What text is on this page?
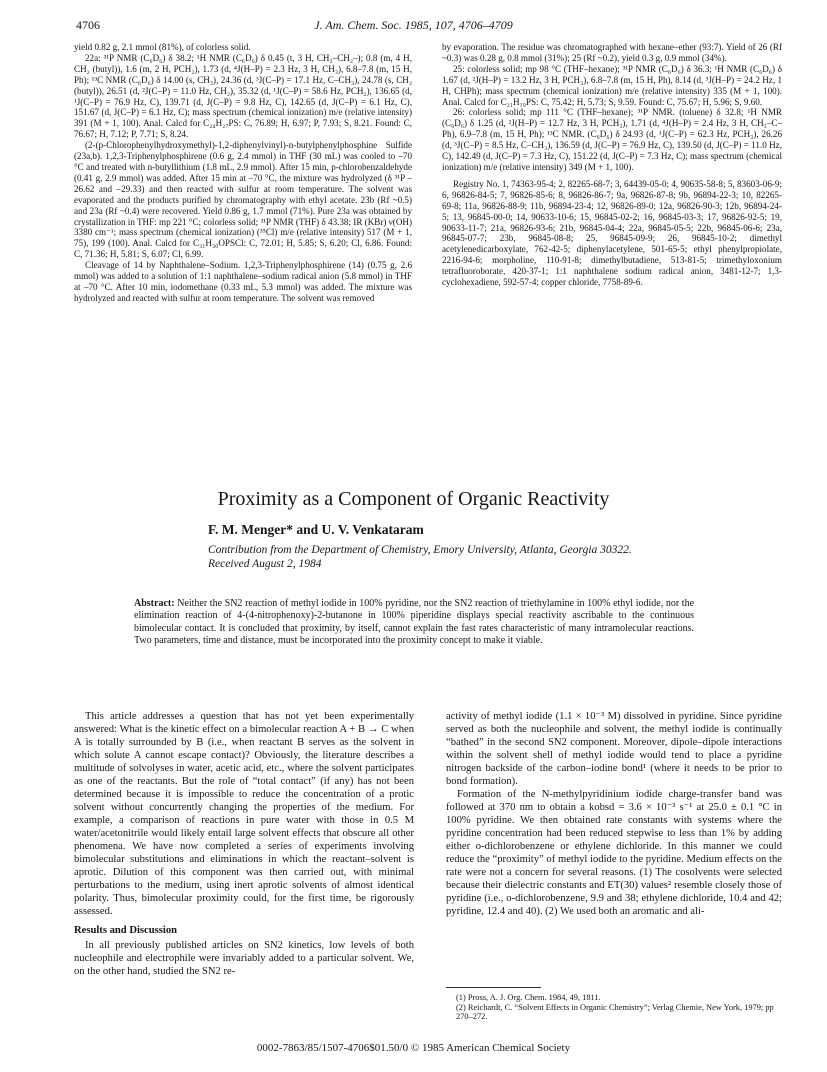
4706	J. Am. Chem. Soc. 1985, 107, 4706–4709

yield 0.82 g, 2.1 mmol (81%), of colorless solid.

22a: ³¹P NMR (C₆D₆) δ 38.2; ¹H NMR (C₆D₆) δ 0.45 (t, 3 H, CH₃–CH₂–); 0.8 (m, 4 H, CH₂ (butyl)), 1.6 (m, 2 H, PCH₂), 1.73 (d, ⁴J(H–P) = 2.3 Hz, 3 H, CH₃), 6.8–7.8 (m, 15 H, Ph); ¹³C NMR (C₆D₆) δ 14.00 (s, CH₃), 24.36 (d, ³J(C–P) = 17.1 Hz, C–CH₃), 24.78 (s, CH₂ (butyl)), 26.51 (d, ²J(C–P) = 11.0 Hz, CH₂), 35.32 (d, ¹J(C–P) = 58.6 Hz, PCH₂), 136.65 (d, ¹J(C–P) = 76.9 Hz, C), 139.71 (d, J(C–P) = 9.8 Hz, C), 142.65 (d, J(C–P) = 6.1 Hz, C), 151.67 (d, J(C–P) = 6.1 Hz, C); mass spectrum (chemical ionization) m/e (relative intensity) 391 (M + 1, 100). Anal. Calcd for C₂₄H₂₇PS: C, 76.89; H, 6.97; P, 7.93; S, 8.21. Found: C, 76.67; H, 7.12; P, 7.71; S, 8.24.

(2-(p-Chlorophenylhydroxymethyl)-1,2-diphenylvinyl)-n-butylphenylphosphine Sulfide (23a,b). 1,2,3-Triphenylphosphirene (0.6 g, 2.4 mmol) in THF (30 mL) was cooled to –70 °C and treated with n-butyllithium (1.8 mL, 2.9 mmol). After 15 min, p-chlorobenzaldehyde (0.41 g, 2.9 mmol) was added. After 15 min at –70 °C, the mixture was hydrolyzed (δ ³¹P –26.62 and –29.33) and then reacted with sulfur at room temperature. The solvent was evaporated and the products purified by chromatography with ethyl acetate. 23b (Rf ~0.5) and 23a (Rf ~0.4) were recovered. Yield 0.86 g, 1.7 mmol (71%). Pure 23a was obtained by crystallization in THF: mp 221 °C; colorless solid; ³¹P NMR (THF) δ 43.38; IR (KBr) ν(OH) 3380 cm⁻¹; mass spectrum (chemical ionization) (³⁵Cl) m/e (relative intensity) 517 (M + 1, 75), 199 (100). Anal. Calcd for C₃₁H₃₀OPSCl: C, 72.01; H, 5.85; S, 6.20; Cl, 6.86. Found: C, 71.36; H, 5.81; S, 6.07; Cl, 6.99.

Cleavage of 14 by Naphthalene–Sodium. 1,2,3-Triphenylphosphirene (14) (0.75 g, 2.6 mmol) was added to a solution of 1:1 naphthalene–sodium radical anion (5.8 mmol) in THF at –70 °C. After 10 min, iodomethane (0.33 mL, 5.3 mmol) was added. The mixture was hydrolyzed and reacted with sulfur at room temperature. The solvent was removed

by evaporation. The residue was chromatographed with hexane–ether (93:7). Yield of 26 (Rf ~0.3) was 0.28 g, 0.8 mmol (31%); 25 (Rf ~0.2), yield 0.3 g, 0.9 mmol (34%).

25: colorless solid; mp 98 °C (THF–hexane); ³¹P NMR (C₆D₆) δ 36.3; ¹H NMR (C₆D₆) δ 1.67 (d, ²J(H–P) = 13.2 Hz, 3 H, PCH₃), 6.8–7.8 (m, 15 H, Ph), 8.14 (d, ³J(H–P) = 24.2 Hz, 1 H, CHPh); mass spectrum (chemical ionization) m/e (relative intensity) 335 (M + 1, 100). Anal. Calcd for C₂₁H₁₉PS: C, 75.42; H, 5.73; S, 9.59. Found: C, 75.67; H, 5.96; S, 9.60.

26: colorless solid; mp 111 °C (THF–hexane); ³¹P NMR. (toluene) δ 32.8; ¹H NMR (C₆D₆) δ 1.25 (d, ²J(H–P) = 12.7 Hz, 3 H, PCH₃), 1.71 (d, ⁴J(H–P) = 2.4 Hz, 3 H, CH₃–C–Ph), 6.9–7.8 (m, 15 H, Ph); ¹³C NMR. (C₆D₆) δ 24.93 (d, ¹J(C–P) = 62.3 Hz, PCH₃), 26.26 (d, ³J(C–P) = 8.5 Hz, C–CH₃), 136.59 (d, J(C–P) = 76.9 Hz, C), 139.50 (d, J(C–P) = 11.0 Hz, C), 142.49 (d, J(C–P) = 7.3 Hz, C), 151.22 (d, J(C–P) = 7.3 Hz, C); mass spectrum (chemical ionization) m/e (relative intensity) 349 (M + 1, 100).

Registry No. 1, 74363-95-4; 2, 82265-68-7; 3, 64439-05-0; 4, 90635-58-8; 5, 83603-06-9; 6, 96826-84-5; 7, 96826-85-6; 8, 96826-86-7; 9a, 96826-87-8; 9b, 96894-22-3; 10, 82265-69-8; 11a, 96826-88-9; 11b, 96894-23-4; 12, 96826-89-0; 12a, 96826-90-3; 12b, 96894-24-5; 13, 96845-00-0; 14, 90633-10-6; 15, 96845-02-2; 16, 96845-03-3; 17, 96826-92-5; 19, 90633-11-7; 21a, 96826-93-6; 21b, 96845-04-4; 22a, 96845-05-5; 22b, 96845-06-6; 23a, 96845-07-7; 23b, 96845-08-8; 25, 96845-09-9; 26, 96845-10-2; dimethyl acetylenedicarboxylate, 762-42-5; diphenylacetylene, 501-65-5; ethyl phenylpropiolate, 2216-94-6; morpholine, 110-91-8; dimethylbutadiene, 513-81-5; trimethyloxonium tetrafluoroborate, 420-37-1; 1:1 naphthalene sodium radical anion, 3481-12-7; 1,3-cyclohexadiene, 592-57-4; copper chloride, 7758-89-6.

Proximity as a Component of Organic Reactivity
F. M. Menger* and U. V. Venkataram
Contribution from the Department of Chemistry, Emory University, Atlanta, Georgia 30322.
Received August 2, 1984

Abstract: Neither the SN2 reaction of methyl iodide in 100% pyridine, nor the SN2 reaction of triethylamine in 100% ethyl iodide, nor the elimination reaction of 4-(4-nitrophenoxy)-2-butanone in 100% piperidine displays special reactivity ascribable to the continuous bimolecular contact. It is concluded that proximity, by itself, cannot explain the fast rates characteristic of many intramolecular reactions. Two parameters, time and distance, must be incorporated into the proximity concept to make it viable.

This article addresses a question that has not yet been experimentally answered: What is the kinetic effect on a bimolecular reaction A + B → C when A is totally surrounded by B (i.e., when reactant B serves as the solvent in which solute A cannot escape contact)? Obviously, the literature describes a multitude of solvolyses in water, acetic acid, etc., where the solvent participates as one of the reactants. But the role of “total contact” (if any) has not been determined because it is impossible to reduce the concentration of a protic solvent without concurrently changing the properties of the medium. For example, a comparison of reactions in pure water with those in 0.5 M water/acetonitrile would likely entail large solvent effects that obscure all other phenomena. We have now completed a series of experiments involving bimolecular substitutions and eliminations in which the reactant–solvent is aprotic. Dilution of this component was then carried out, with minimal perturbations to the medium, using inert aprotic solvents of almost identical polarity. Thus, bimolecular proximity could, for the first time, be rigorously assessed.

Results and Discussion

In all previously published articles on SN2 kinetics, low levels of both nucleophile and electrophile were invariably added to a particular solvent. We, on the other hand, studied the SN2 re-

activity of methyl iodide (1.1 × 10⁻³ M) dissolved in pyridine. Since pyridine served as both the nucleophile and solvent, the methyl iodide is continually “bathed” in the second SN2 component. Moreover, dipole–dipole interactions within the solvent shell of methyl iodide would tend to place a pyridine nitrogen backside of the carbon–iodine bond¹ (where it needs to be prior to bond formation).

Formation of the N-methylpyridinium iodide charge-transfer band was followed at 370 nm to obtain a kobsd = 3.6 × 10⁻³ s⁻¹ at 25.0 ± 0.1 °C in 100% pyridine. We then obtained rate constants with systems where the pyridine concentration had been reduced stepwise to less than 1% by adding either o-dichlorobenzene or ethylene dichloride. In this manner we could reduce the “proximity” of methyl iodide to the pyridine. Medium effects on the rate were not a concern for several reasons. (1) The cosolvents were selected because their dielectric constants and ET(30) values² resemble closely those of pyridine (i.e., o-dichlorobenzene, 9.9 and 38; ethylene dichloride, 10.4 and 42; pyridine, 12.4 and 40). (2) We used both an aromatic and ali-

(1) Pross, A. J. Org. Chem. 1984, 49, 1811.

(2) Reichardt, C. “Solvent Effects in Organic Chemistry”; Verlag Chemie, New York, 1979; pp 270–272.

0002-7863/85/1507-4706$01.50/0 © 1985 American Chemical Society
